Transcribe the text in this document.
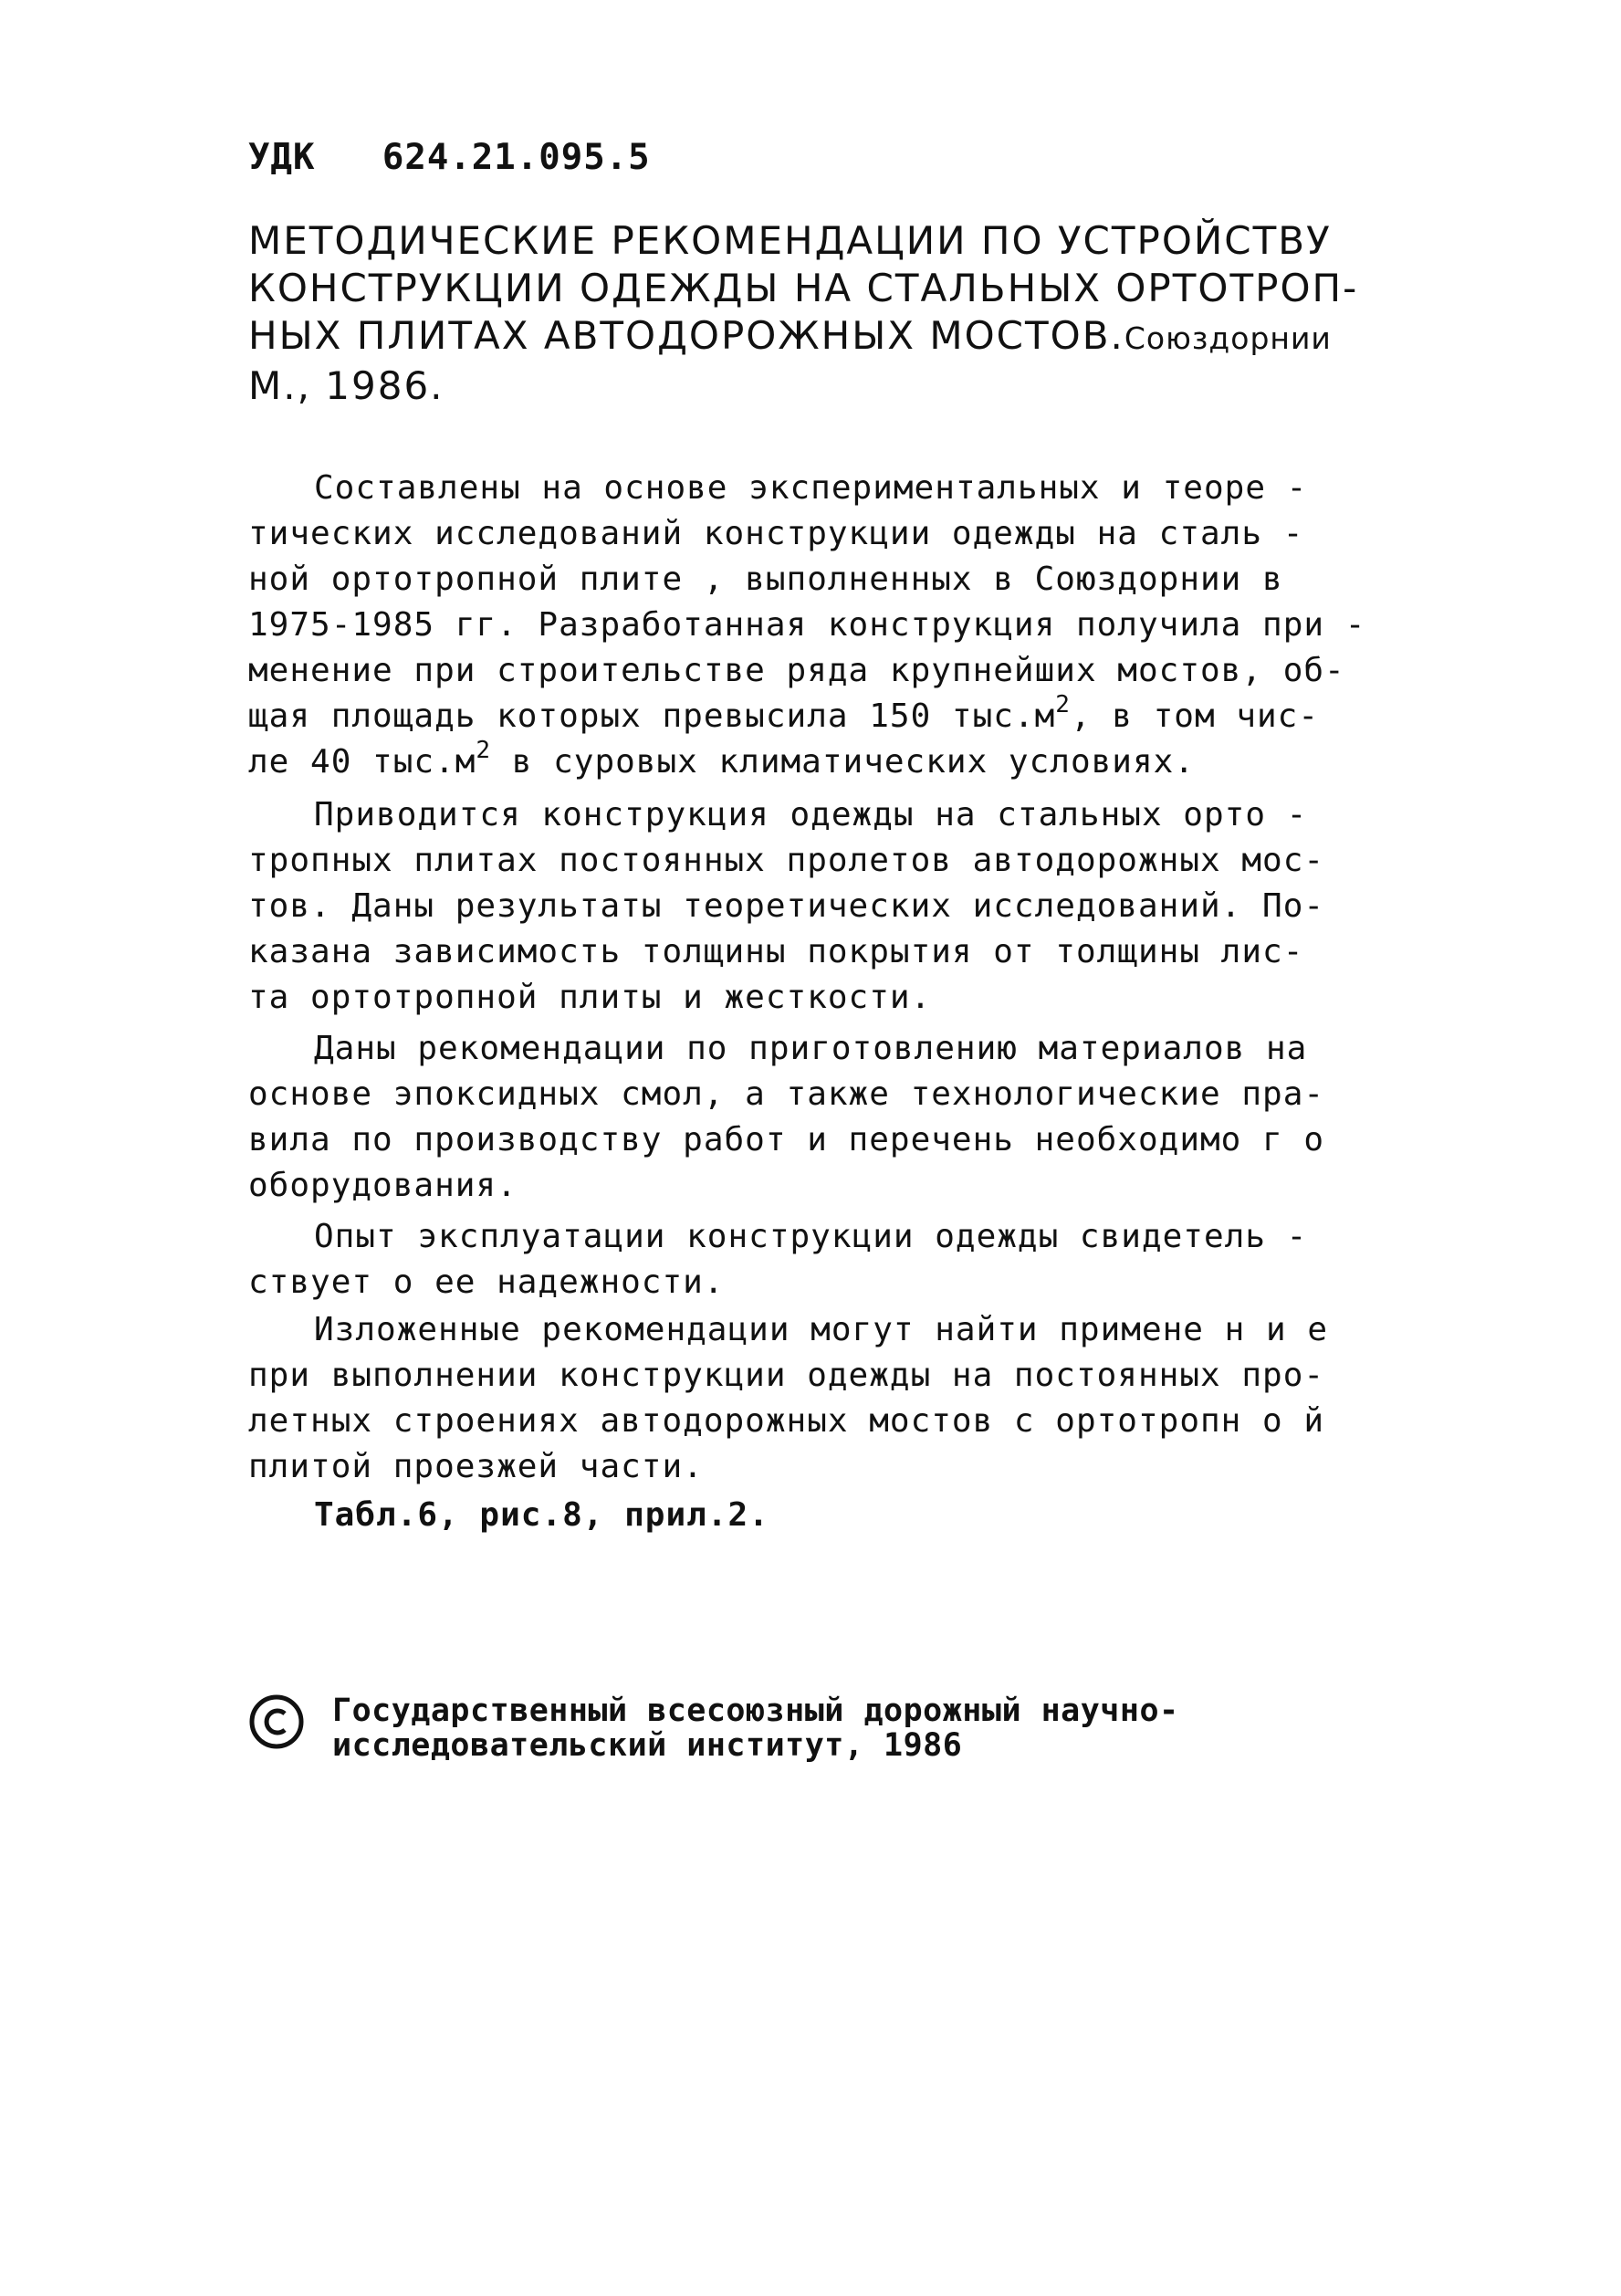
УДК   624.21.095.5
МЕТОДИЧЕСКИЕ РЕКОМЕНДАЦИИ ПО УСТРОЙСТВУ
КОНСТРУКЦИИ ОДЕЖДЫ НА СТАЛЬНЫХ ОРТОТРОП-
НЫХ ПЛИТАХ АВТОДОРОЖНЫХ МОСТОВ.Союздорнии
М., 1986.
Составлены на основе экспериментальных и теоре -
тических исследований конструкции одежды на сталь -
ной ортотропной плите , выполненных в Союздорнии в
1975-1985 гг. Разработанная конструкция получила при -
менение при строительстве ряда крупнейших мостов, об-
щая площадь которых превысила 150 $тыс.м^2$, в том чис-
ле 40 $тыс.м^2$ в суровых климатических условиях.
Приводится конструкция одежды на стальных орто -
тропных плитах постоянных пролетов автодорожных мос-
тов. Даны результаты теоретических исследований. По-
казана зависимость толщины покрытия от толщины лис-
та ортотропной плиты и жесткости.
Даны рекомендации по приготовлению материалов на
основе эпоксидных смол, а также технологические пра-
вила по производству работ и перечень необходимо г о
оборудования.
Опыт эксплуатации конструкции одежды свидетель -
ствует о ее надежности.
Изложенные рекомендации могут найти примене н и е
при выполнении конструкции одежды на постоянных про-
летных строениях автодорожных мостов с ортотропн о й
плитой проезжей части.
Табл.6, рис.8, прил.2.
Государственный всесоюзный дорожный научно-
исследовательский институт, 1986
